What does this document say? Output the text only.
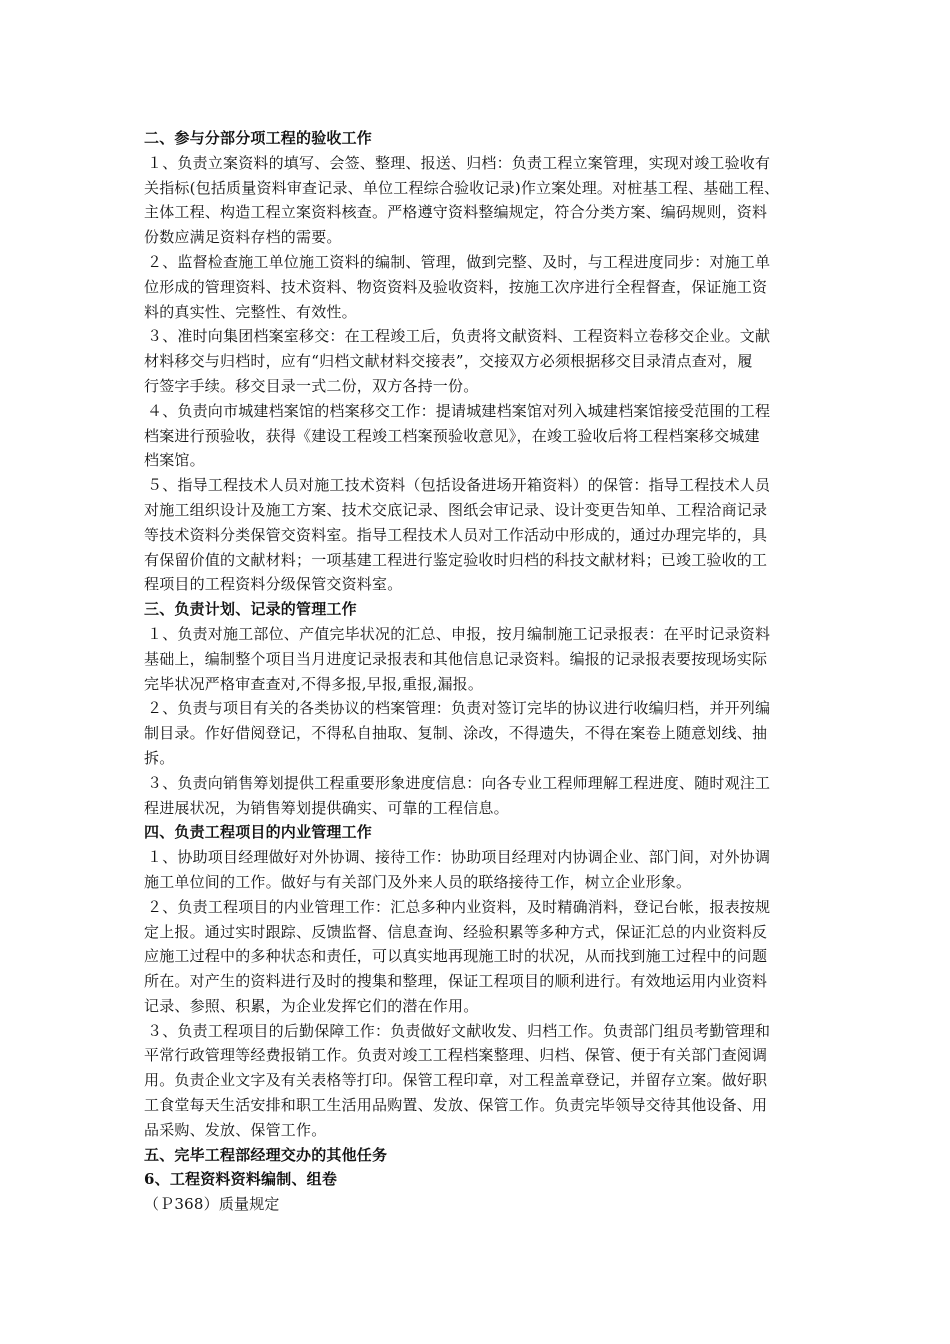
二、参与分部分项工程的验收工作
１、负责立案资料的填写、会签、整理、报送、归档：负责工程立案管理，实现对竣工验收有
关指标(包括质量资料审查记录、单位工程综合验收记录)作立案处理。对桩基工程、基础工程、
主体工程、构造工程立案资料核查。严格遵守资料整编规定，符合分类方案、编码规则，资料
份数应满足资料存档的需要。
２、监督检查施工单位施工资料的编制、管理，做到完整、及时，与工程进度同步：对施工单
位形成的管理资料、技术资料、物资资料及验收资料，按施工次序进行全程督查，保证施工资
料的真实性、完整性、有效性。
３、准时向集团档案室移交：在工程竣工后，负责将文献资料、工程资料立卷移交企业。文献
材料移交与归档时，应有“归档文献材料交接表”，交接双方必须根据移交目录清点查对，履
行签字手续。移交目录一式二份，双方各持一份。
４、负责向市城建档案馆的档案移交工作：提请城建档案馆对列入城建档案馆接受范围的工程
档案进行预验收，获得《建设工程竣工档案预验收意见》，在竣工验收后将工程档案移交城建
档案馆。
５、指导工程技术人员对施工技术资料（包括设备进场开箱资料）的保管：指导工程技术人员
对施工组织设计及施工方案、技术交底记录、图纸会审记录、设计变更告知单、工程洽商记录
等技术资料分类保管交资料室。指导工程技术人员对工作活动中形成的，通过办理完毕的，具
有保留价值的文献材料；一项基建工程进行鉴定验收时归档的科技文献材料；已竣工验收的工
程项目的工程资料分级保管交资料室。
三、负责计划、记录的管理工作
１、负责对施工部位、产值完毕状况的汇总、申报，按月编制施工记录报表：在平时记录资料
基础上，编制整个项目当月进度记录报表和其他信息记录资料。编报的记录报表要按现场实际
完毕状况严格审查查对,不得多报,早报,重报,漏报。
２、负责与项目有关的各类协议的档案管理：负责对签订完毕的协议进行收编归档，并开列编
制目录。作好借阅登记，不得私自抽取、复制、涂改，不得遗失，不得在案卷上随意划线、抽
拆。
３、负责向销售筹划提供工程重要形象进度信息：向各专业工程师理解工程进度、随时观注工
程进展状况，为销售筹划提供确实、可靠的工程信息。
四、负责工程项目的内业管理工作
１、协助项目经理做好对外协调、接待工作：协助项目经理对内协调企业、部门间，对外协调
施工单位间的工作。做好与有关部门及外来人员的联络接待工作，树立企业形象。
２、负责工程项目的内业管理工作：汇总多种内业资料，及时精确消料，登记台帐，报表按规
定上报。通过实时跟踪、反馈监督、信息查询、经验积累等多种方式，保证汇总的内业资料反
应施工过程中的多种状态和责任，可以真实地再现施工时的状况，从而找到施工过程中的问题
所在。对产生的资料进行及时的搜集和整理，保证工程项目的顺利进行。有效地运用内业资料
记录、参照、积累，为企业发挥它们的潜在作用。
３、负责工程项目的后勤保障工作：负责做好文献收发、归档工作。负责部门组员考勤管理和
平常行政管理等经费报销工作。负责对竣工工程档案整理、归档、保管、便于有关部门查阅调
用。负责企业文字及有关表格等打印。保管工程印章，对工程盖章登记，并留存立案。做好职
工食堂每天生活安排和职工生活用品购置、发放、保管工作。负责完毕领导交待其他设备、用
品采购、发放、保管工作。
五、完毕工程部经理交办的其他任务
6、工程资料资料编制、组卷
（Ｐ368）质量规定
